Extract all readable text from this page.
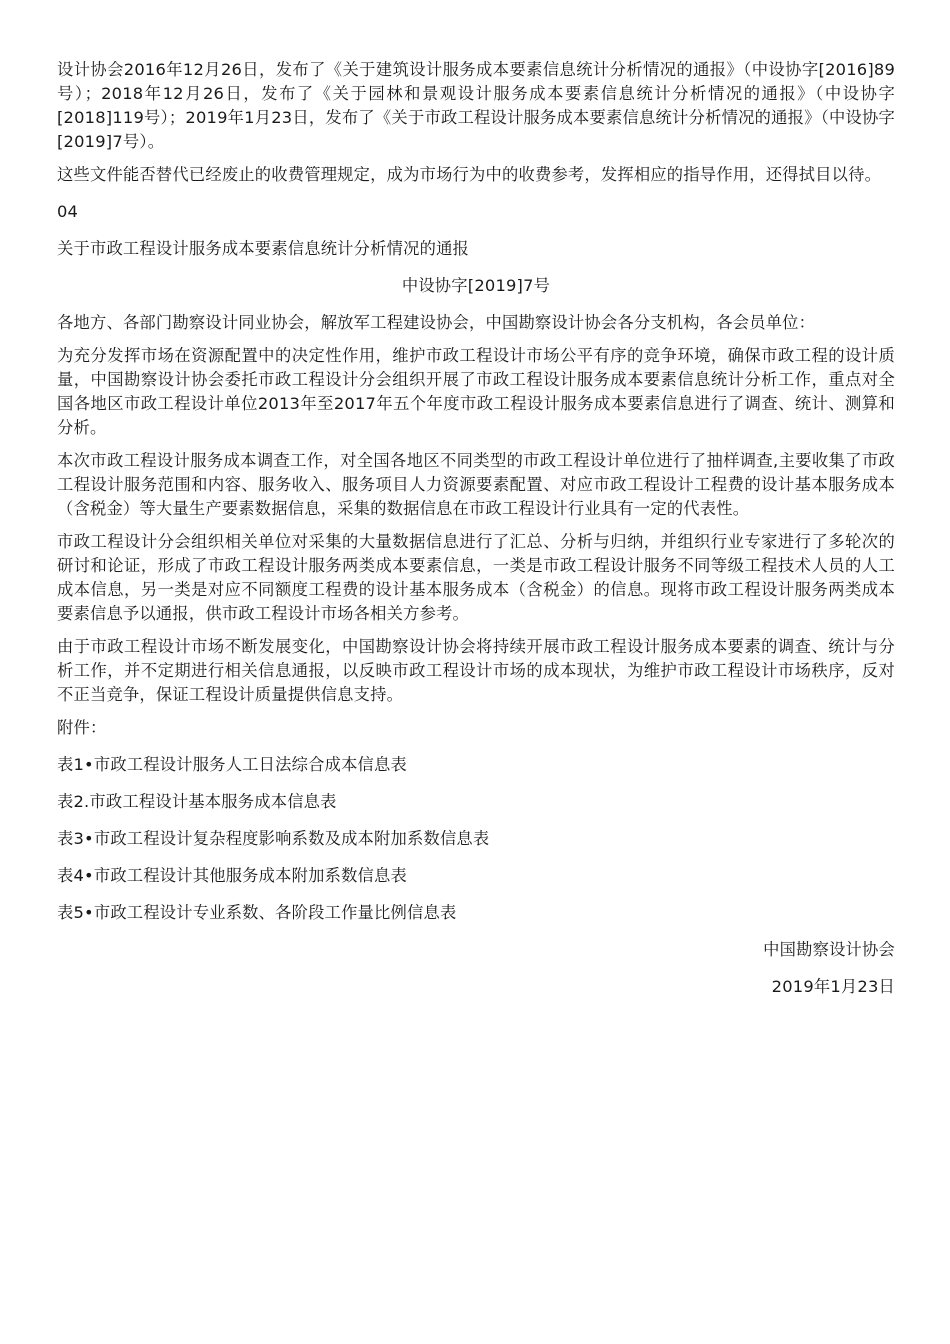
设计协会2016年12月26日，发布了《关于建筑设计服务成本要素信息统计分析情况的通报》（中设协字[2016]89号）；2018年12月26日，发布了《关于园林和景观设计服务成本要素信息统计分析情况的通报》（中设协字[2018]119号）；2019年1月23日，发布了《关于市政工程设计服务成本要素信息统计分析情况的通报》（中设协字[2019]7号）。

这些文件能否替代已经废止的收费管理规定，成为市场行为中的收费参考，发挥相应的指导作用，还得拭目以待。

04

关于市政工程设计服务成本要素信息统计分析情况的通报

中设协字[2019]7号

各地方、各部门勘察设计同业协会，解放军工程建设协会，中国勘察设计协会各分支机构，各会员单位：

为充分发挥市场在资源配置中的决定性作用，维护市政工程设计市场公平有序的竞争环境，确保市政工程的设计质量，中国勘察设计协会委托市政工程设计分会组织开展了市政工程设计服务成本要素信息统计分析工作，重点对全国各地区市政工程设计单位2013年至2017年五个年度市政工程设计服务成本要素信息进行了调查、统计、测算和分析。

本次市政工程设计服务成本调查工作，对全国各地区不同类型的市政工程设计单位进行了抽样调查,主要收集了市政工程设计服务范围和内容、服务收入、服务项目人力资源要素配置、对应市政工程设计工程费的设计基本服务成本（含税金）等大量生产要素数据信息，采集的数据信息在市政工程设计行业具有一定的代表性。

市政工程设计分会组织相关单位对采集的大量数据信息进行了汇总、分析与归纳，并组织行业专家进行了多轮次的研讨和论证，形成了市政工程设计服务两类成本要素信息，一类是市政工程设计服务不同等级工程技术人员的人工成本信息，另一类是对应不同额度工程费的设计基本服务成本（含税金）的信息。现将市政工程设计服务两类成本要素信息予以通报，供市政工程设计市场各相关方参考。

由于市政工程设计市场不断发展变化，中国勘察设计协会将持续开展市政工程设计服务成本要素的调查、统计与分析工作，并不定期进行相关信息通报，以反映市政工程设计市场的成本现状，为维护市政工程设计市场秩序，反对不正当竞争，保证工程设计质量提供信息支持。

附件：

表1•市政工程设计服务人工日法综合成本信息表

表2.市政工程设计基本服务成本信息表

表3•市政工程设计复杂程度影响系数及成本附加系数信息表

表4•市政工程设计其他服务成本附加系数信息表

表5•市政工程设计专业系数、各阶段工作量比例信息表

中国勘察设计协会

2019年1月23日
